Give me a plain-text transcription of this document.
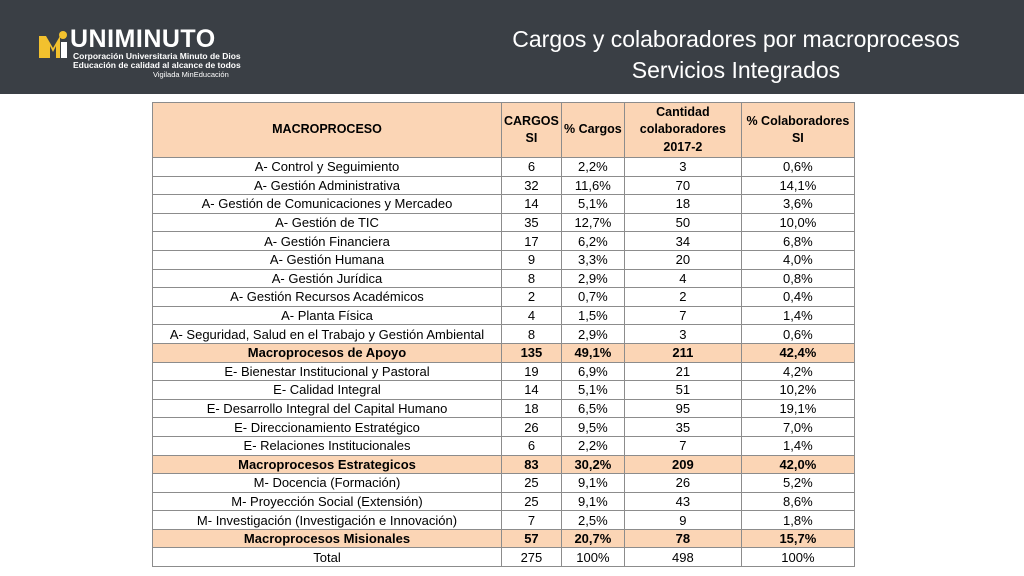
UNIMINUTO
Corporación Universitaria Minuto de Dios
Educación de calidad al alcance de todos
Vigilada MinEducación
Cargos y colaboradores por macroprocesos
Servicios Integrados
MACROPROCESO	CARGOS SI	% Cargos	Cantidad colaboradores 2017-2	% Colaboradores SI
A- Control y Seguimiento	6	2,2%	3	0,6%
A- Gestión Administrativa	32	11,6%	70	14,1%
A- Gestión de Comunicaciones y Mercadeo	14	5,1%	18	3,6%
A- Gestión de TIC	35	12,7%	50	10,0%
A- Gestión Financiera	17	6,2%	34	6,8%
A- Gestión Humana	9	3,3%	20	4,0%
A- Gestión Jurídica	8	2,9%	4	0,8%
A- Gestión Recursos Académicos	2	0,7%	2	0,4%
A- Planta Física	4	1,5%	7	1,4%
A- Seguridad, Salud en el Trabajo y Gestión Ambiental	8	2,9%	3	0,6%
Macroprocesos de Apoyo	135	49,1%	211	42,4%
E- Bienestar Institucional y Pastoral	19	6,9%	21	4,2%
E- Calidad Integral	14	5,1%	51	10,2%
E- Desarrollo Integral del Capital Humano	18	6,5%	95	19,1%
E- Direccionamiento Estratégico	26	9,5%	35	7,0%
E- Relaciones Institucionales	6	2,2%	7	1,4%
Macroprocesos Estrategicos	83	30,2%	209	42,0%
M- Docencia (Formación)	25	9,1%	26	5,2%
M- Proyección Social (Extensión)	25	9,1%	43	8,6%
M- Investigación (Investigación e Innovación)	7	2,5%	9	1,8%
Macroprocesos Misionales	57	20,7%	78	15,7%
Total	275	100%	498	100%
